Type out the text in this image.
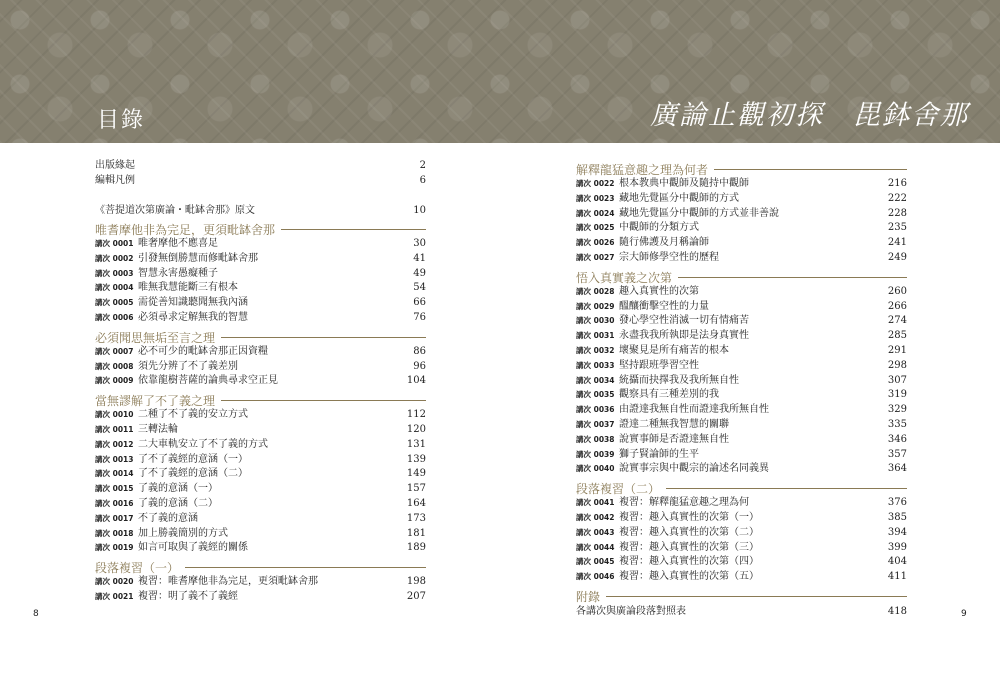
目錄	廣論止觀初探　毘鉢舍那
出版緣起	2
編輯凡例	6
《菩提道次第廣論・毗缽舍那》原文	10
唯耆摩他非為完足，更須毗缽舍那
講次 0001 唯奢摩他不應喜足	30
講次 0002 引發無倒勝慧而修毗缽舍那	41
講次 0003 智慧永害愚癡種子	49
講次 0004 唯無我慧能斷三有根本	54
講次 0005 需從善知識聽聞無我內涵	66
講次 0006 必須尋求定解無我的智慧	76
必須聞思無垢至言之理
講次 0007 必不可少的毗缽舍那正因資糧	86
講次 0008 須先分辨了不了義差別	96
講次 0009 依靠龍樹菩薩的論典尋求空正見	104
當無謬解了不了義之理
講次 0010 二種了不了義的安立方式	112
講次 0011 三轉法輪	120
講次 0012 二大車軌安立了不了義的方式	131
講次 0013 了不了義經的意涵（一）	139
講次 0014 了不了義經的意涵（二）	149
講次 0015 了義的意涵（一）	157
講次 0016 了義的意涵（二）	164
講次 0017 不了義的意涵	173
講次 0018 加上勝義簡別的方式	181
講次 0019 如言可取與了義經的關係	189
段落複習（一）
講次 0020 複習：唯耆摩他非為完足，更須毗缽舍那	198
講次 0021 複習：明了義不了義經	207
解釋龍猛意趣之理為何者
講次 0022 根本教典中觀師及隨持中觀師	216
講次 0023 藏地先覺區分中觀師的方式	222
講次 0024 藏地先覺區分中觀師的方式並非善說	228
講次 0025 中觀師的分類方式	235
講次 0026 隨行佛護及月稱論師	241
講次 0027 宗大師修學空性的歷程	249
悟入真實義之次第
講次 0028 趣入真實性的次第	260
講次 0029 醞釀衝擊空性的力量	266
講次 0030 發心學空性消滅一切有情痛苦	274
講次 0031 永盡我我所執即是法身真實性	285
講次 0032 壞聚見是所有痛苦的根本	291
講次 0033 堅持跟班學習空性	298
講次 0034 統攝而抉擇我及我所無自性	307
講次 0035 觀察具有三種差別的我	319
講次 0036 由證達我無自性而證達我所無自性	329
講次 0037 證達二種無我智慧的關聯	335
講次 0038 說實事師是否證達無自性	346
講次 0039 獅子賢論師的生平	357
講次 0040 說實事宗與中觀宗的論述名同義異	364
段落複習（二）
講次 0041 複習：解釋龍猛意趣之理為何	376
講次 0042 複習：趣入真實性的次第（一）	385
講次 0043 複習：趣入真實性的次第（二）	394
講次 0044 複習：趣入真實性的次第（三）	399
講次 0045 複習：趣入真實性的次第（四）	404
講次 0046 複習：趣入真實性的次第（五）	411
附錄
各講次與廣論段落對照表	418
8	9
